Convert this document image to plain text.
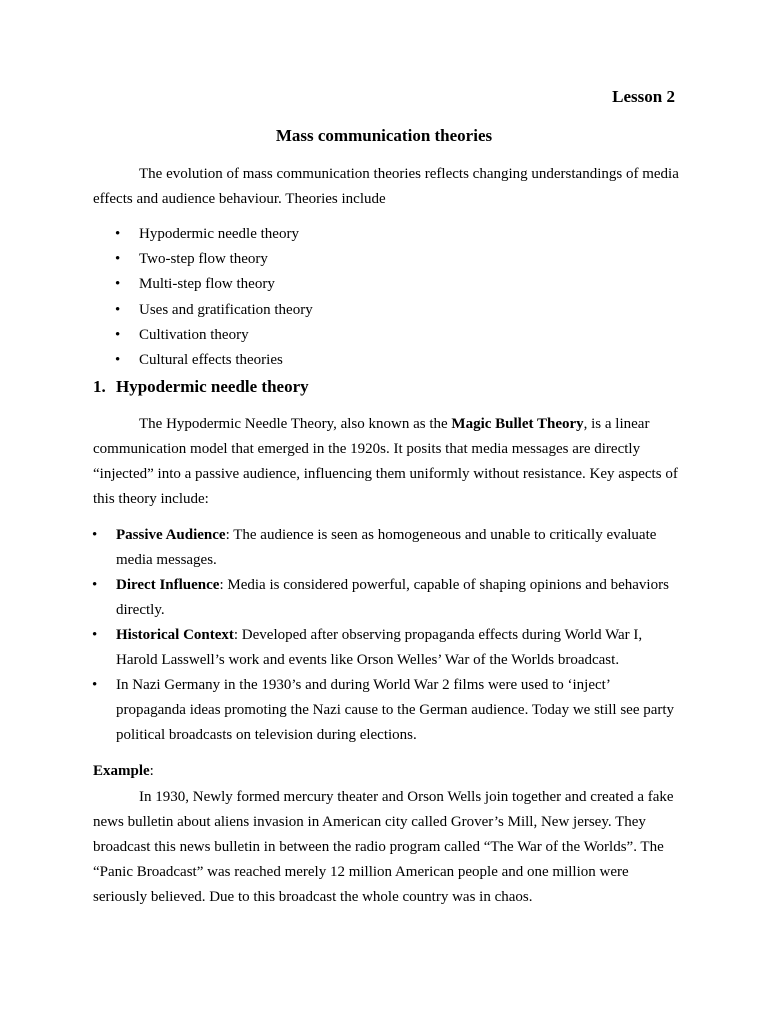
Lesson 2
Mass communication theories

The evolution of mass communication theories reflects changing understandings of media effects and audience behaviour. Theories include

• Hypodermic needle theory
• Two-step flow theory
• Multi-step flow theory
• Uses and gratification theory
• Cultivation theory
• Cultural effects theories
1. Hypodermic needle theory

The Hypodermic Needle Theory, also known as the Magic Bullet Theory, is a linear communication model that emerged in the 1920s. It posits that media messages are directly “injected” into a passive audience, influencing them uniformly without resistance. Key aspects of this theory include:

• Passive Audience: The audience is seen as homogeneous and unable to critically evaluate media messages.
• Direct Influence: Media is considered powerful, capable of shaping opinions and behaviors directly.
• Historical Context: Developed after observing propaganda effects during World War I, Harold Lasswell’s work and events like Orson Welles’ War of the Worlds broadcast.
• In Nazi Germany in the 1930’s and during World War 2 films were used to ‘inject’ propaganda ideas promoting the Nazi cause to the German audience. Today we still see party political broadcasts on television during elections.
Example:

In 1930, Newly formed mercury theater and Orson Wells join together and created a fake news bulletin about aliens invasion in American city called Grover’s Mill, New jersey. They broadcast this news bulletin in between the radio program called “The War of the Worlds”. The “Panic Broadcast” was reached merely 12 million American people and one million were seriously believed. Due to this broadcast the whole country was in chaos.
